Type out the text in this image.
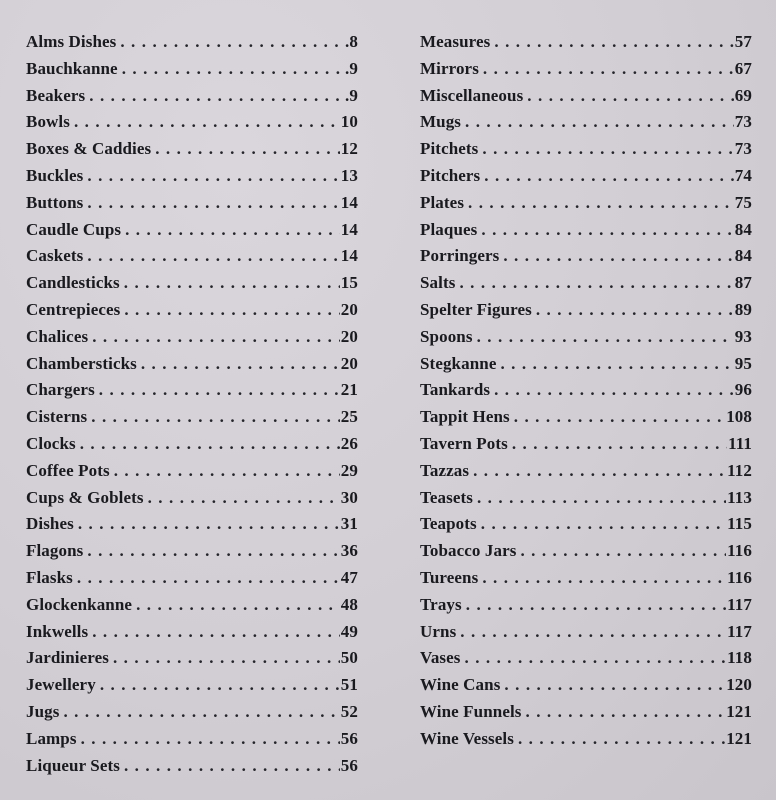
Alms Dishes . . .	.8
Bauchkanne . . .	.9
Beakers . . .	.9
Bowls . . .	10
Boxes & Caddies . . .	12
Buckles . . .	13
Buttons . . .	14
Caudle Cups . . .	14
Caskets . . .	14
Candlesticks . . .	15
Centrepieces . . .	20
Chalices . . .	20
Chambersticks . . .	20
Chargers . . .	21
Cisterns . . .	25
Clocks . . .	26
Coffee Pots . . .	29
Cups & Goblets . . .	30
Dishes . . .	31
Flagons . . .	36
Flasks . . .	47
Glockenkanne . . .	48
Inkwells . . .	49
Jardinieres . . .	50
Jewellery . . .	51
Jugs . . .	52
Lamps . . .	56
Liqueur Sets . . .	56
Measures . . .	57
Mirrors . . .	67
Miscellaneous . . .	69
Mugs . . .	73
Pitchets . . .	73
Pitchers . . .	74
Plates . . .	75
Plaques . . .	84
Porringers . . .	84
Salts . . .	87
Spelter Figures . . .	89
Spoons . . .	93
Stegkanne . . .	95
Tankards . . .	96
Tappit Hens . . .	108
Tavern Pots . . .	111
Tazzas . . .	112
Teasets . . .	113
Teapots . . .	115
Tobacco Jars . . .	116
Tureens . . .	116
Trays . . .	117
Urns . . .	117
Vases . . .	118
Wine Cans . . .	120
Wine Funnels . . .	121
Wine Vessels . . .	121
